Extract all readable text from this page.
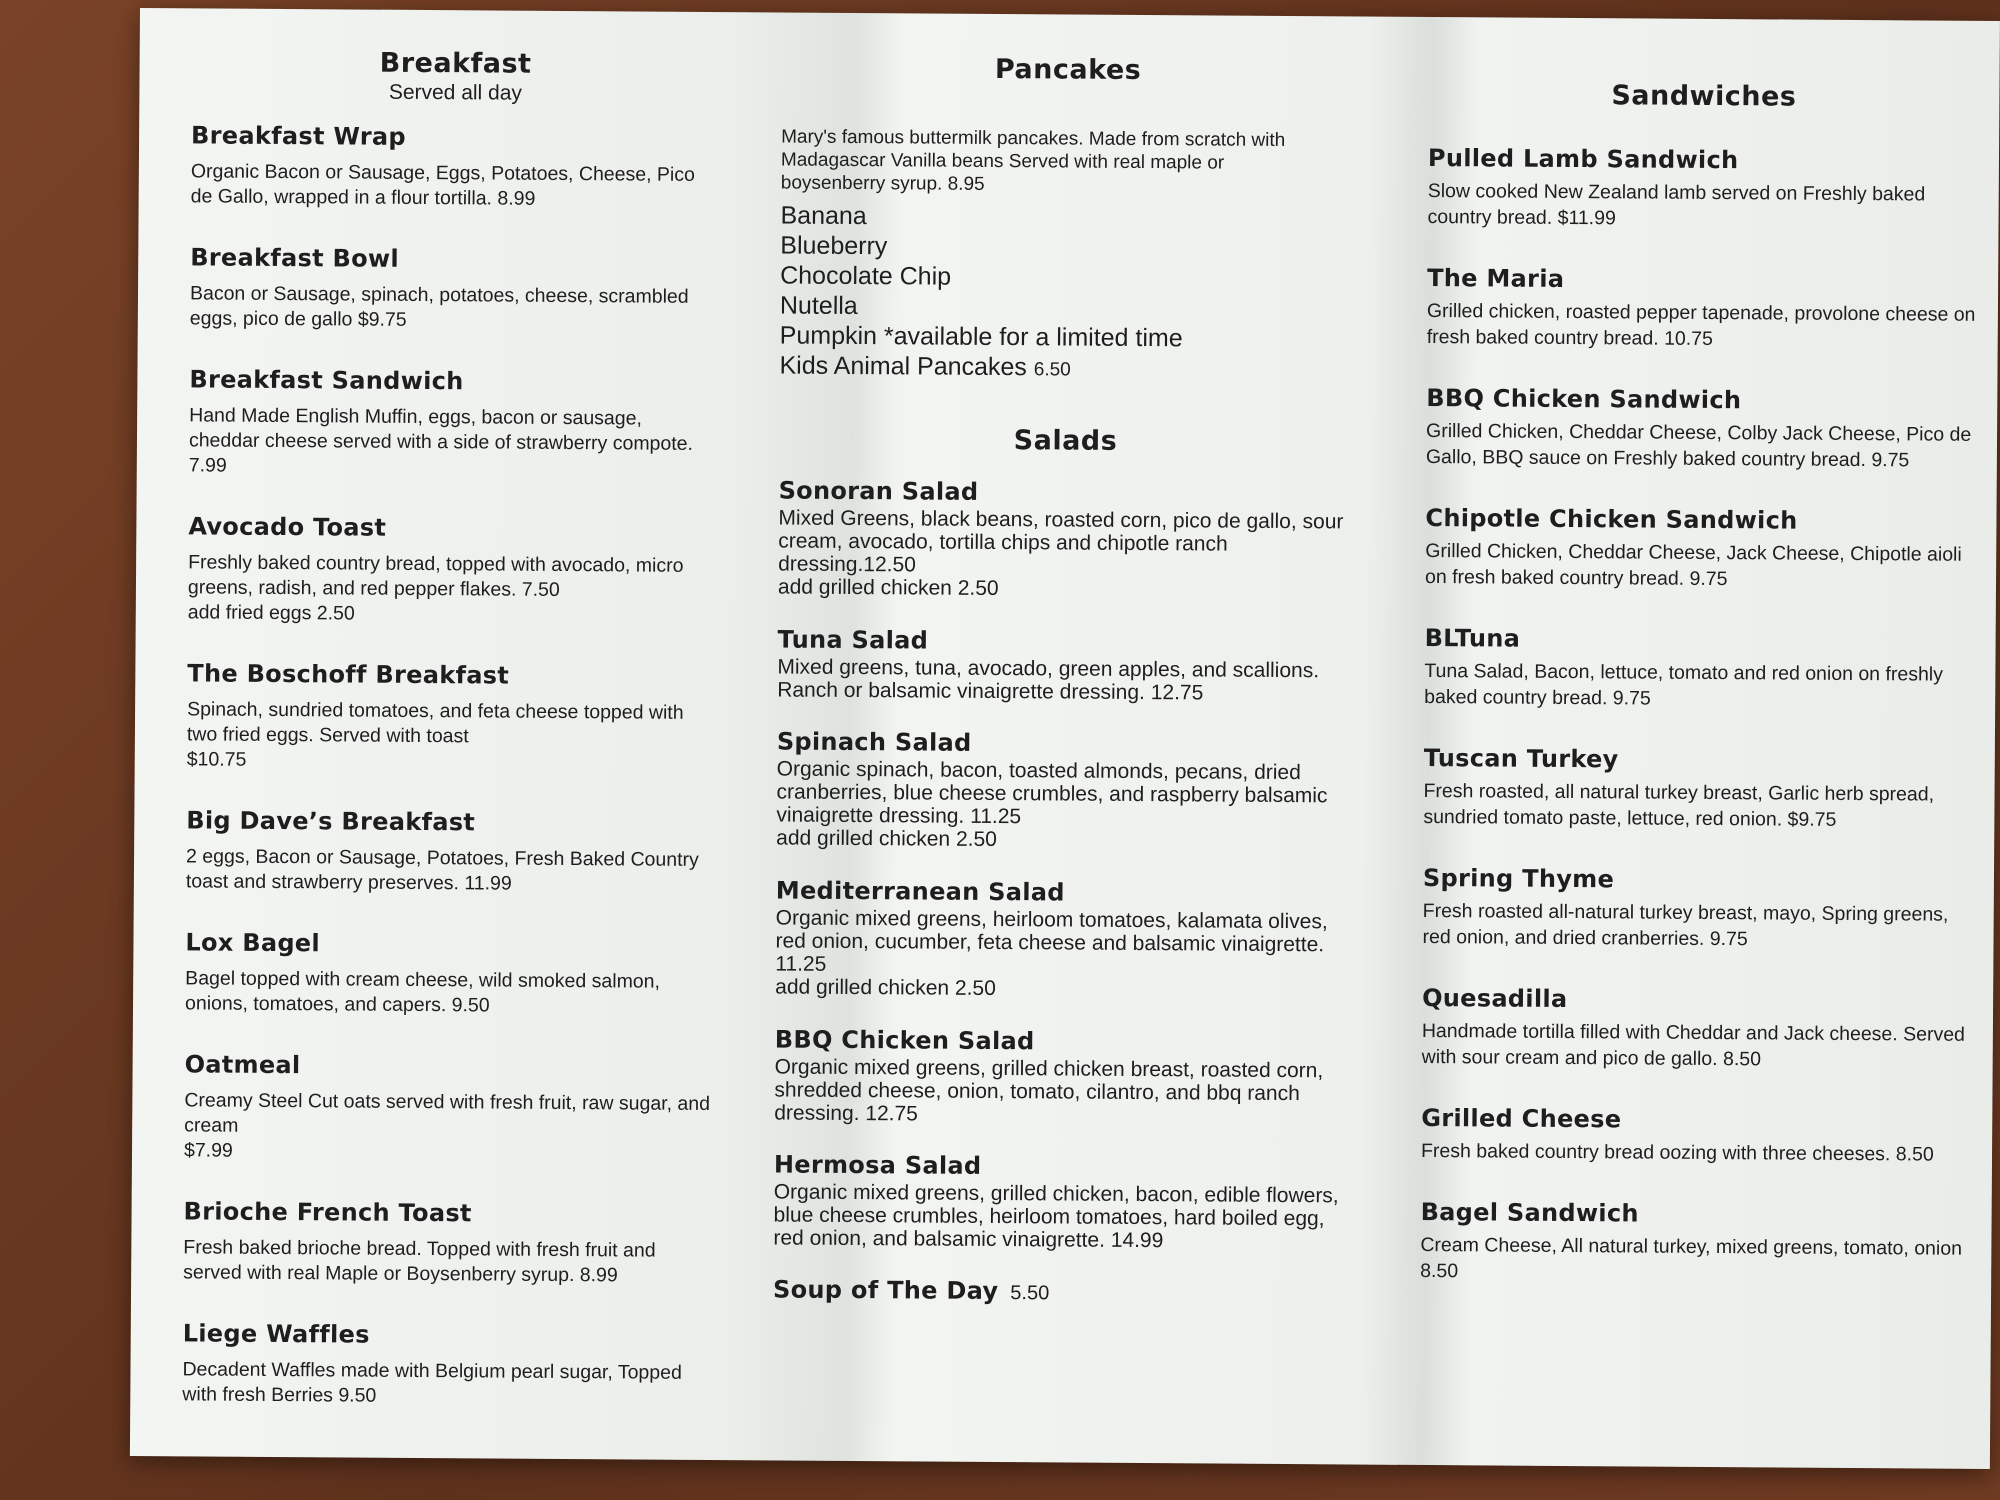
Breakfast

Served all day

Breakfast Wrap

Organic Bacon or Sausage, Eggs, Potatoes, Cheese, Pico de Gallo, wrapped in a flour tortilla. 8.99

Breakfast Bowl

Bacon or Sausage, spinach, potatoes, cheese, scrambled eggs, pico de gallo $9.75

Breakfast Sandwich

Hand Made English Muffin, eggs, bacon or sausage, cheddar cheese served with a side of strawberry compote. 7.99

Avocado Toast

Freshly baked country bread, topped with avocado, micro greens, radish, and red pepper flakes. 7.50

add fried eggs 2.50

The Boschoff Breakfast

Spinach, sundried tomatoes, and feta cheese topped with two fried eggs. Served with toast

$10.75

Big Dave’s Breakfast

2 eggs, Bacon or Sausage, Potatoes, Fresh Baked Country toast and strawberry preserves. 11.99

Lox Bagel

Bagel topped with cream cheese, wild smoked salmon, onions, tomatoes, and capers. 9.50

Oatmeal

Creamy Steel Cut oats served with fresh fruit, raw sugar, and cream

$7.99

Brioche French Toast

Fresh baked brioche bread. Topped with fresh fruit and served with real Maple or Boysenberry syrup. 8.99

Liege Waffles

Decadent Waffles made with Belgium pearl sugar, Topped with fresh Berries 9.50

Pancakes

Mary's famous buttermilk pancakes. Made from scratch with Madagascar Vanilla beans Served with real maple or boysenberry syrup. 8.95

Banana
Blueberry
Chocolate Chip
Nutella
Pumpkin *available for a limited time
Kids Animal Pancakes 6.50
Salads
Sonoran Salad

Mixed Greens, black beans, roasted corn, pico de gallo, sour cream, avocado, tortilla chips and chipotle ranch dressing.12.50

add grilled chicken 2.50

Tuna Salad

Mixed greens, tuna, avocado, green apples, and scallions. Ranch or balsamic vinaigrette dressing. 12.75

Spinach Salad

Organic spinach, bacon, toasted almonds, pecans, dried cranberries, blue cheese crumbles, and raspberry balsamic vinaigrette dressing. 11.25

add grilled chicken 2.50

Mediterranean Salad

Organic mixed greens, heirloom tomatoes, kalamata olives, red onion, cucumber, feta cheese and balsamic vinaigrette. 11.25

add grilled chicken 2.50

BBQ Chicken Salad

Organic mixed greens, grilled chicken breast, roasted corn, shredded cheese, onion, tomato, cilantro, and bbq ranch dressing. 12.75

Hermosa Salad

Organic mixed greens, grilled chicken, bacon, edible flowers, blue cheese crumbles, heirloom tomatoes, hard boiled egg, red onion, and balsamic vinaigrette. 14.99

Soup of The Day 5.50
Sandwiches
Pulled Lamb Sandwich

Slow cooked New Zealand lamb served on Freshly baked country bread. $11.99

The Maria

Grilled chicken, roasted pepper tapenade, provolone cheese on fresh baked country bread. 10.75

BBQ Chicken Sandwich

Grilled Chicken, Cheddar Cheese, Colby Jack Cheese, Pico de Gallo, BBQ sauce on Freshly baked country bread. 9.75

Chipotle Chicken Sandwich

Grilled Chicken, Cheddar Cheese, Jack Cheese, Chipotle aioli on fresh baked country bread. 9.75

BLTuna

Tuna Salad, Bacon, lettuce, tomato and red onion on freshly baked country bread. 9.75

Tuscan Turkey

Fresh roasted, all natural turkey breast, Garlic herb spread, sundried tomato paste, lettuce, red onion. $9.75

Spring Thyme

Fresh roasted all-natural turkey breast, mayo, Spring greens, red onion, and dried cranberries. 9.75

Quesadilla

Handmade tortilla filled with Cheddar and Jack cheese. Served with sour cream and pico de gallo. 8.50

Grilled Cheese

Fresh baked country bread oozing with three cheeses. 8.50

Bagel Sandwich

Cream Cheese, All natural turkey, mixed greens, tomato, onion 8.50
